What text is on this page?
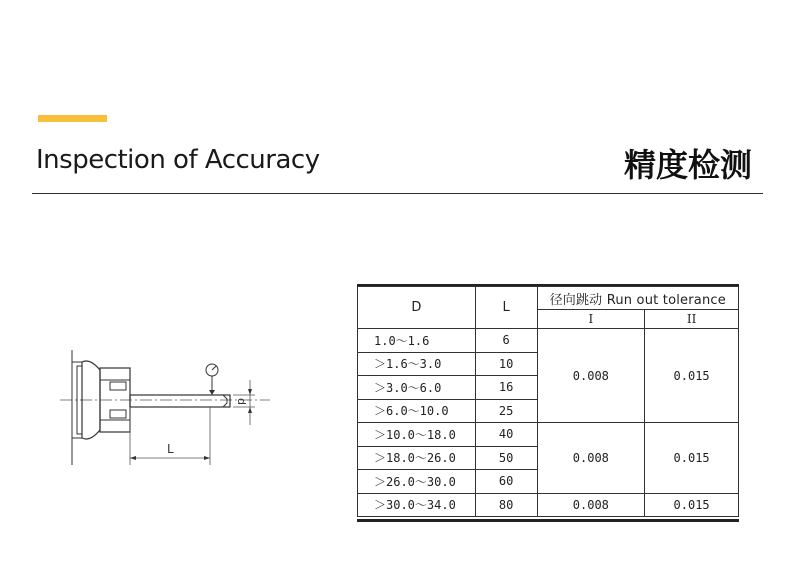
Inspection of Accuracy	精度检测
d
L
D	L	径向跳动 Run out tolerance	
		I	II
1.0～1.6	6	0.008	0.015
＞1.6～3.0	10		
＞3.0～6.0	16		
＞6.0～10.0	25		
＞10.0～18.0	40	0.008	0.015
＞18.0～26.0	50		
＞26.0～30.0	60		
＞30.0～34.0	80	0.008	0.015
